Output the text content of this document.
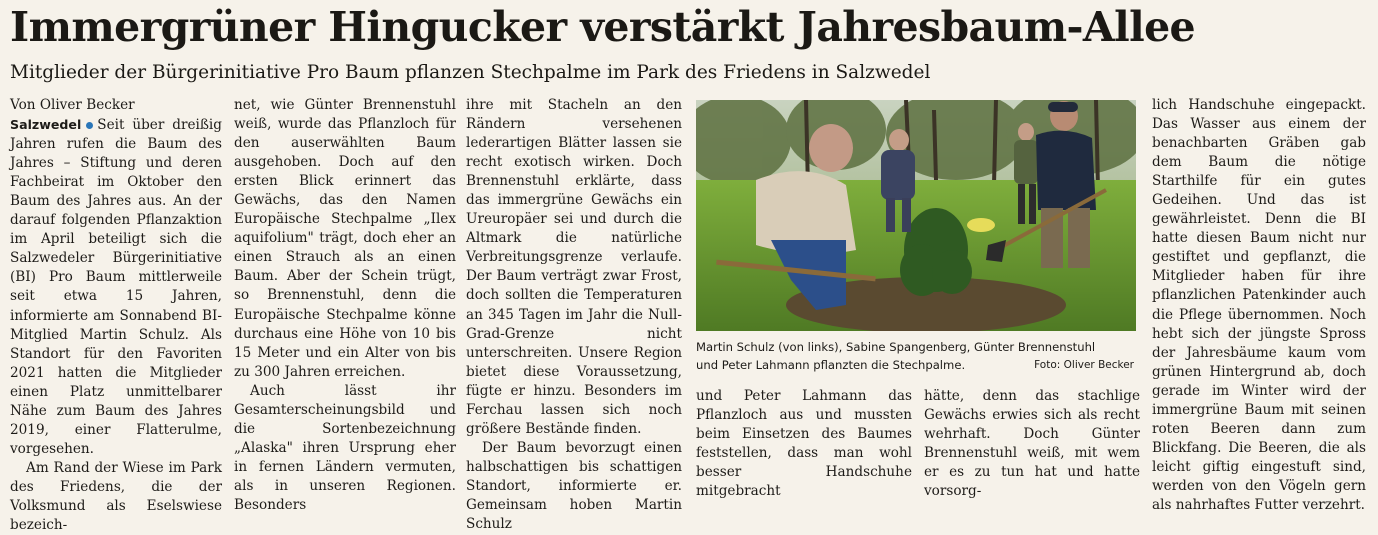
Immergrüner Hingucker verstärkt Jahresbaum-Allee
Mitglieder der Bürgerinitiative Pro Baum pflanzen Stechpalme im Park des Friedens in Salzwedel
Von Oliver Becker

Salzwedel Seit über dreißig Jahren rufen die Baum des Jahres – Stiftung und deren Fachbeirat im Oktober den Baum des Jahres aus. An der darauf folgenden Pflanzaktion im April beteiligt sich die Salzwedeler Bürgerinitiative (BI) Pro Baum mittlerweile seit etwa 15 Jahren, informierte am Sonnabend BI-Mitglied Martin Schulz. Als Standort für den Favoriten 2021 hatten die Mitglieder einen Platz unmittelbarer Nähe zum Baum des Jahres 2019, einer Flatterulme, vorgesehen.

Am Rand der Wiese im Park des Friedens, die der Volksmund als Eselswiese bezeich-

net, wie Günter Brennenstuhl weiß, wurde das Pflanzloch für den auserwählten Baum ausgehoben. Doch auf den ersten Blick erinnert das Gewächs, das den Namen Europäische Stechpalme „Ilex aquifolium" trägt, doch eher an einen Strauch als an einen Baum. Aber der Schein trügt, so Brennenstuhl, denn die Europäische Stechpalme könne durchaus eine Höhe von 10 bis 15 Meter und ein Alter von bis zu 300 Jahren erreichen.

Auch lässt ihr Gesamterscheinungsbild und die Sortenbezeichnung „Alaska" ihren Ursprung eher in fernen Ländern vermuten, als in unseren Regionen. Besonders

ihre mit Stacheln an den Rändern versehenen lederartigen Blätter lassen sie recht exotisch wirken. Doch Brennenstuhl erklärte, dass das immergrüne Gewächs ein Ureuropäer sei und durch die Altmark die natürliche Verbreitungsgrenze verlaufe. Der Baum verträgt zwar Frost, doch sollten die Temperaturen an 345 Tagen im Jahr die Null-Grad-Grenze nicht unterschreiten. Unsere Region bietet diese Voraussetzung, fügte er hinzu. Besonders im Ferchau lassen sich noch größere Bestände finden.

Der Baum bevorzugt einen halbschattigen bis schattigen Standort, informierte er. Gemeinsam hoben Martin Schulz

Martin Schulz (von links), Sabine Spangenberg, Günter Brennenstuhl
und Peter Lahmann pflanzten die Stechpalme.	Foto: Oliver Becker

und Peter Lahmann das Pflanzloch aus und mussten beim Einsetzen des Baumes feststellen, dass man wohl besser Handschuhe mitgebracht

hätte, denn das stachlige Gewächs erwies sich als recht wehrhaft. Doch Günter Brennenstuhl weiß, mit wem er es zu tun hat und hatte vorsorg-

lich Handschuhe eingepackt. Das Wasser aus einem der benachbarten Gräben gab dem Baum die nötige Starthilfe für ein gutes Gedeihen. Und das ist gewährleistet. Denn die BI hatte diesen Baum nicht nur gestiftet und gepflanzt, die Mitglieder haben für ihre pflanzlichen Patenkinder auch die Pflege übernommen. Noch hebt sich der jüngste Spross der Jahresbäume kaum vom grünen Hintergrund ab, doch gerade im Winter wird der immergrüne Baum mit seinen roten Beeren dann zum Blickfang. Die Beeren, die als leicht giftig eingestuft sind, werden von den Vögeln gern als nahrhaftes Futter verzehrt.
